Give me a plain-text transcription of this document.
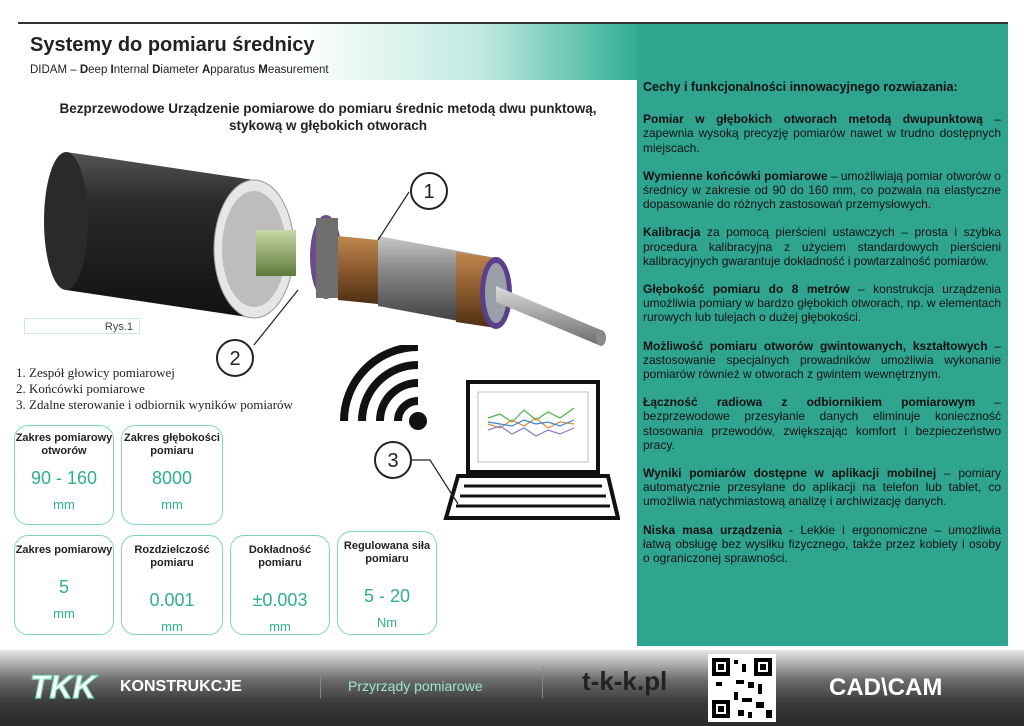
Systemy do pomiaru średnicy
DIDAM – Deep Internal Diameter Apparatus Measurement
Cechy i funkcjonalności innowacyjnego rozwiazania:
Pomiar w głębokich otworach metodą dwupunktową – zapewnia wysoką precyzję pomiarów nawet w trudno dostępnych miejscach.
Wymienne końcówki pomiarowe – umożliwiają pomiar otworów o średnicy w zakresie od 90 do 160 mm, co pozwala na elastyczne dopasowanie do różnych zastosowań przemysłowych.
Kalibracja za pomocą pierścieni ustawczych – prosta i szybka procedura kalibracyjna z użyciem standardowych pierścieni kalibracyjnych gwarantuje dokładność i powtarzalność pomiarów.
Głębokość pomiaru do 8 metrów – konstrukcja urządzenia umożliwia pomiary w bardzo głębokich otworach, np. w elementach rurowych lub tulejach o dużej głębokości.
Możliwość pomiaru otworów gwintowanych, kształtowych – zastosowanie specjalnych prowadników umożliwia wykonanie pomiarów również w otworach z gwintem wewnętrznym.
Łączność radiowa z odbiornikiem pomiarowym – bezprzewodowe przesyłanie danych eliminuje konieczność stosowania przewodów, zwiększając komfort i bezpieczeństwo pracy.
Wyniki pomiarów dostępne w aplikacji mobilnej – pomiary automatycznie przesyłane do aplikacji na telefon lub tablet, co umożliwia natychmiastową analizę i archiwizację danych.
Niska masa urządzenia - Lekkie i ergonomiczne – umożliwia łatwą obsługę bez wysiłku fizycznego, także przez kobiety i osoby o ograniczonej sprawności.
Bezprzewodowe Urządzenie pomiarowe do pomiaru średnic metodą dwu punktową,
stykową w głębokich otworach
1
2
3
Rys.1
1. Zespół głowicy pomiarowej
2. Końcówki pomiarowe
3. Zdalne sterowanie i odbiornik wyników pomiarów
Zakres pomiarowy otworów
90 - 160
mm
Zakres głębokości pomiaru
8000
mm
Zakres pomiarowy
5
mm
Rozdzielczość pomiaru
0.001
mm
Dokładność pomiaru
±0.003
mm
Regulowana siła pomiaru
5 - 20
Nm
TKK KONSTRUKCJE	Przyrządy pomiarowe	t-k-k.pl	CAD\CAM
